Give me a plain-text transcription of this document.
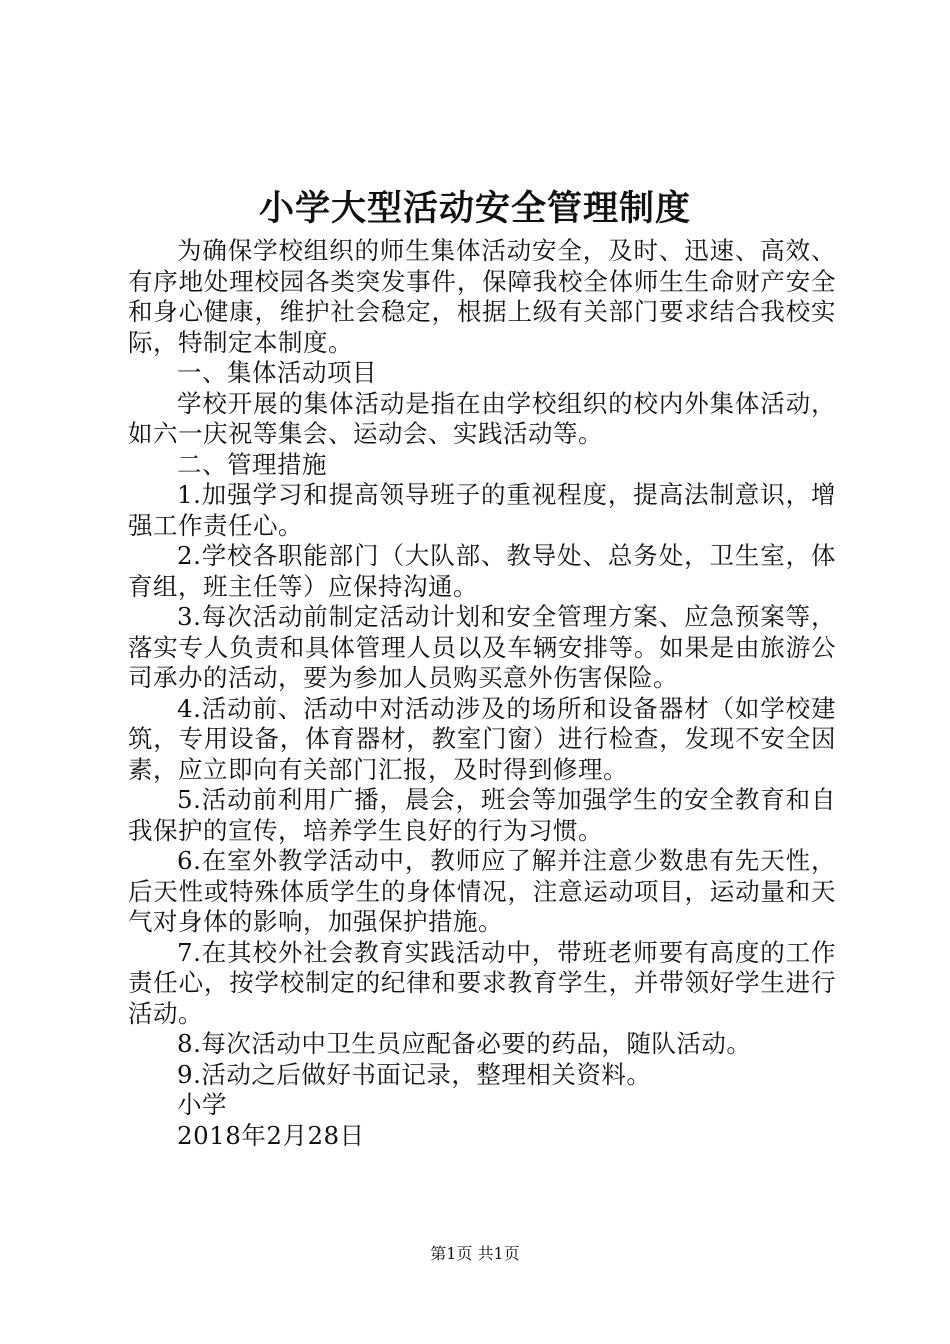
小学大型活动安全管理制度

为确保学校组织的师生集体活动安全，及时、迅速、高效、有序地处理校园各类突发事件，保障我校全体师生生命财产安全和身心健康，维护社会稳定，根据上级有关部门要求结合我校实际，特制定本制度。

一、集体活动项目

学校开展的集体活动是指在由学校组织的校内外集体活动，如六一庆祝等集会、运动会、实践活动等。

二、管理措施

1.加强学习和提高领导班子的重视程度，提高法制意识，增强工作责任心。

2.学校各职能部门（大队部、教导处、总务处，卫生室，体育组，班主任等）应保持沟通。

3.每次活动前制定活动计划和安全管理方案、应急预案等，落实专人负责和具体管理人员以及车辆安排等。如果是由旅游公司承办的活动，要为参加人员购买意外伤害保险。

4.活动前、活动中对活动涉及的场所和设备器材（如学校建筑，专用设备，体育器材，教室门窗）进行检查，发现不安全因素，应立即向有关部门汇报，及时得到修理。

5.活动前利用广播，晨会，班会等加强学生的安全教育和自我保护的宣传，培养学生良好的行为习惯。

6.在室外教学活动中，教师应了解并注意少数患有先天性，后天性或特殊体质学生的身体情况，注意运动项目，运动量和天气对身体的影响，加强保护措施。

7.在其校外社会教育实践活动中，带班老师要有高度的工作责任心，按学校制定的纪律和要求教育学生，并带领好学生进行活动。

8.每次活动中卫生员应配备必要的药品，随队活动。

9.活动之后做好书面记录，整理相关资料。

小学

2018年2月28日

第1页 共1页
